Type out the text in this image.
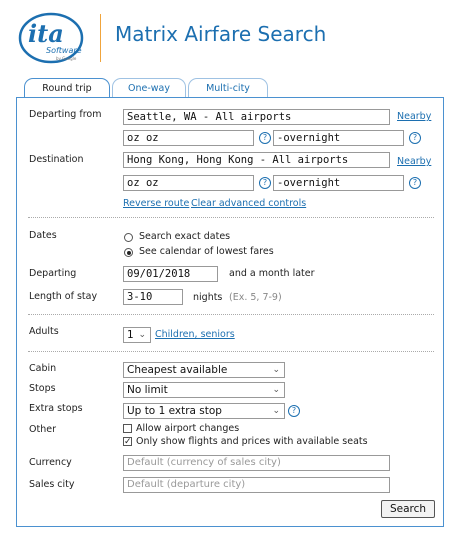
ita
Software
by Google
Matrix Airfare Search
Round trip	One-way	Multi-city
Departing from	Seattle, WA - All airports	Nearby
oz oz	? -overnight	?
Destination	Hong Kong, Hong Kong - All airports	Nearby
oz oz	? -overnight	?
Reverse route Clear advanced controls
Dates	Search exact dates
See calendar of lowest fares
Departing	09/01/2018	and a month later
Length of stay	3-10	nights (Ex. 5, 7-9)
Adults	1 ⌄ Children, seniors
Cabin	Cheapest available	⌄
Stops	No limit	⌄
Extra stops	Up to 1 extra stop	⌄	?
Other	Allow airport changes
✓ Only show flights and prices with available seats
Currency	Default (currency of sales city)
Sales city	Default (departure city)
Search
